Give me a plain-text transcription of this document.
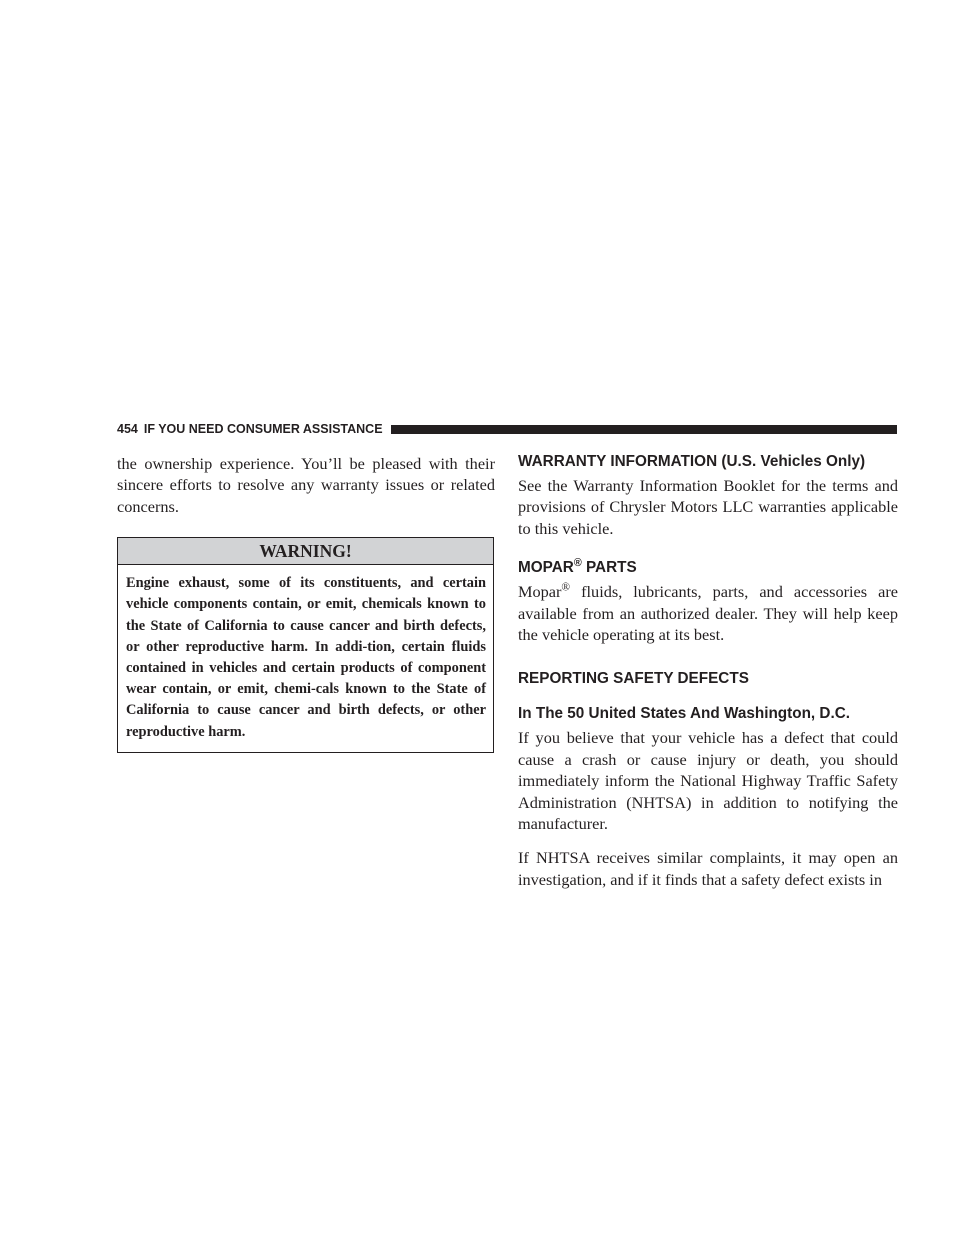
454 IF YOU NEED CONSUMER ASSISTANCE

the ownership experience. You’ll be pleased with their sincere efforts to resolve any warranty issues or related concerns.

WARNING!
Engine exhaust, some of its constituents, and certain vehicle components contain, or emit, chemicals known to the State of California to cause cancer and birth defects, or other reproductive harm. In addi-tion, certain fluids contained in vehicles and certain products of component wear contain, or emit, chemi-cals known to the State of California to cause cancer and birth defects, or other reproductive harm.
WARRANTY INFORMATION (U.S. Vehicles Only)

See the Warranty Information Booklet for the terms and provisions of Chrysler Motors LLC warranties applicable to this vehicle.

MOPAR® PARTS

Mopar® fluids, lubricants, parts, and accessories are available from an authorized dealer. They will help keep the vehicle operating at its best.

REPORTING SAFETY DEFECTS
In The 50 United States And Washington, D.C.

If you believe that your vehicle has a defect that could cause a crash or cause injury or death, you should immediately inform the National Highway Traffic Safety Administration (NHTSA) in addition to notifying the manufacturer.

If NHTSA receives similar complaints, it may open an investigation, and if it finds that a safety defect exists in
